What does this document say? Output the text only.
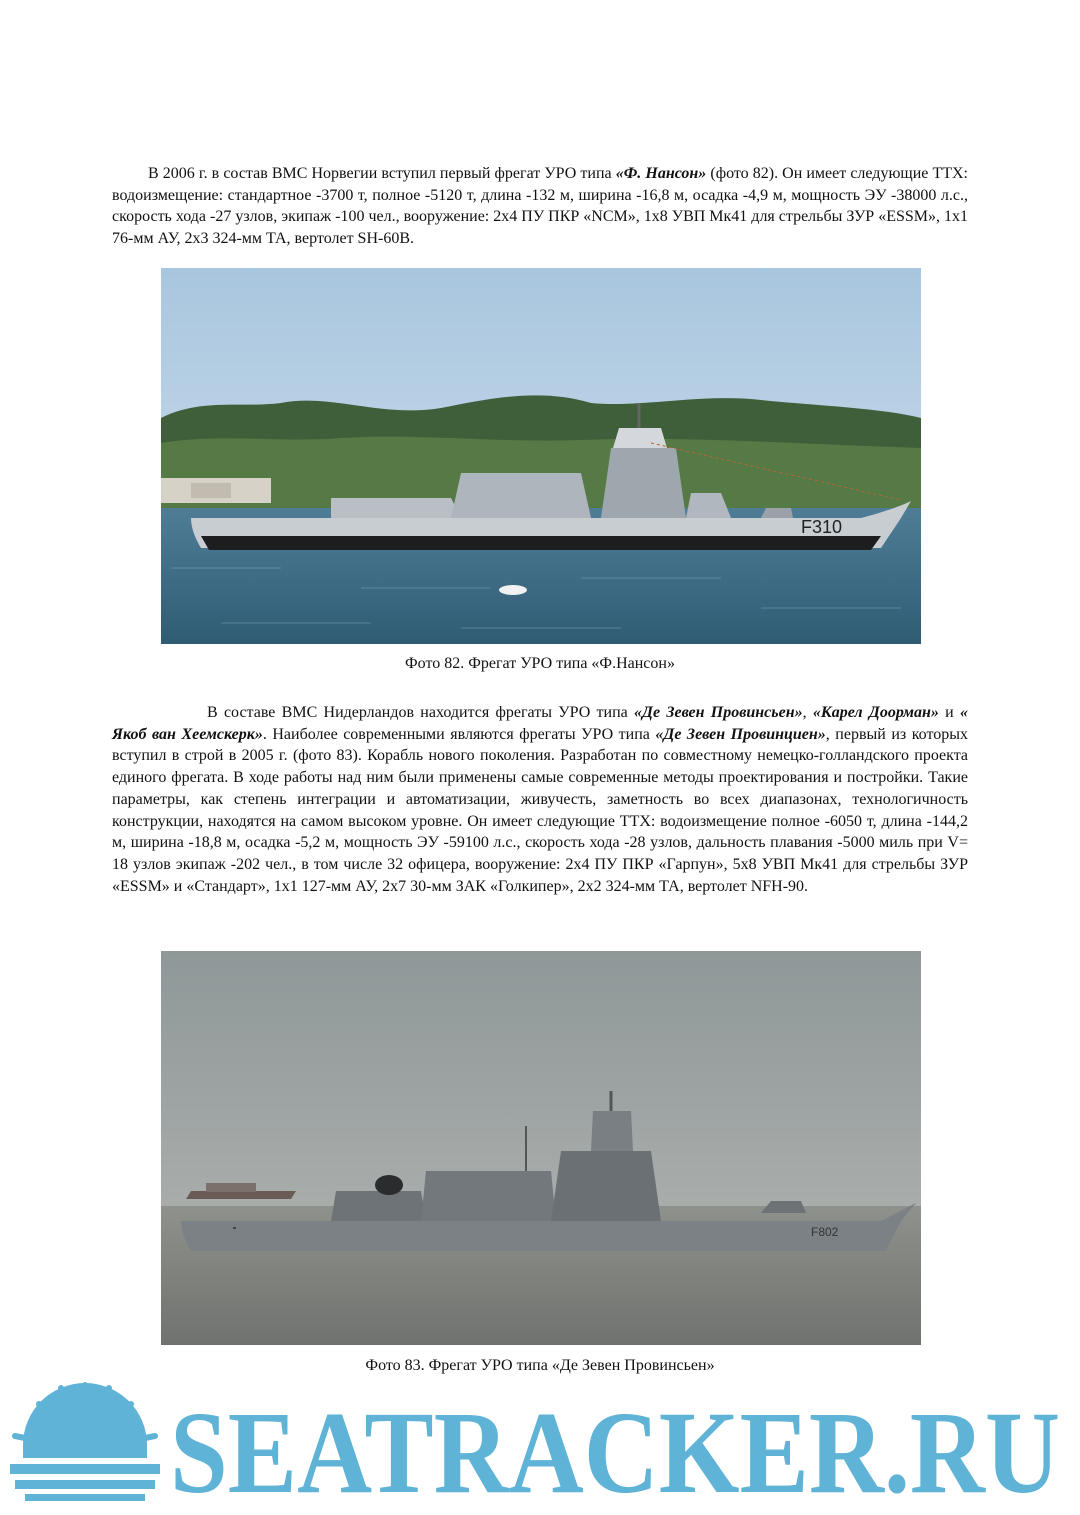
В 2006 г. в состав ВМС Норвегии вступил первый фрегат УРО типа «Ф. Нансон» (фото 82). Он имеет следующие ТТХ: водоизмещение: стандартное -3700 т, полное -5120 т, длина -132 м, ширина -16,8 м, осадка -4,9 м, мощность ЭУ -38000 л.с., скорость хода -27 узлов, экипаж -100 чел., вооружение: 2x4 ПУ ПКР «NCM», 1x8 УВП Mк41 для стрельбы ЗУР «ESSM», 1x1 76-мм АУ, 2x3 324-мм ТА, вертолет SH-60B.

F310

Фото 82. Фрегат УРО типа «Ф.Нансон»

В составе ВМС Нидерландов находится фрегаты УРО типа «Де Зевен Провинсьен», «Карел Доорман» и « Якоб ван Хеемскерк». Наиболее современными являются фрегаты УРО типа «Де Зевен Провинциен», первый из которых вступил в строй в 2005 г. (фото 83). Корабль нового поколения. Разработан по совместному немецко-голландского проекта единого фрегата. В ходе работы над ним были применены самые современные методы проектирования и постройки. Такие параметры, как степень интеграции и автоматизации, живучесть, заметность во всех диапазонах, технологичность конструкции, находятся на самом высоком уровне. Он имеет следующие ТТХ: водоизмещение полное -6050 т, длина -144,2 м, ширина -18,8 м, осадка -5,2 м, мощность ЭУ -59100 л.с., скорость хода -28 узлов, дальность плавания -5000 миль при V= 18 узлов экипаж -202 чел., в том числе 32 офицера, вооружение: 2x4 ПУ ПКР «Гарпун», 5x8 УВП Mк41 для стрельбы ЗУР «ESSM» и «Стандарт», 1x1 127-мм АУ, 2x7 30-мм ЗАК «Голкипер», 2x2 324-мм ТА, вертолет NFH-90.

F802

Фото 83. Фрегат УРО типа «Де Зевен Провинсьен»

SEATRACKER.RU
